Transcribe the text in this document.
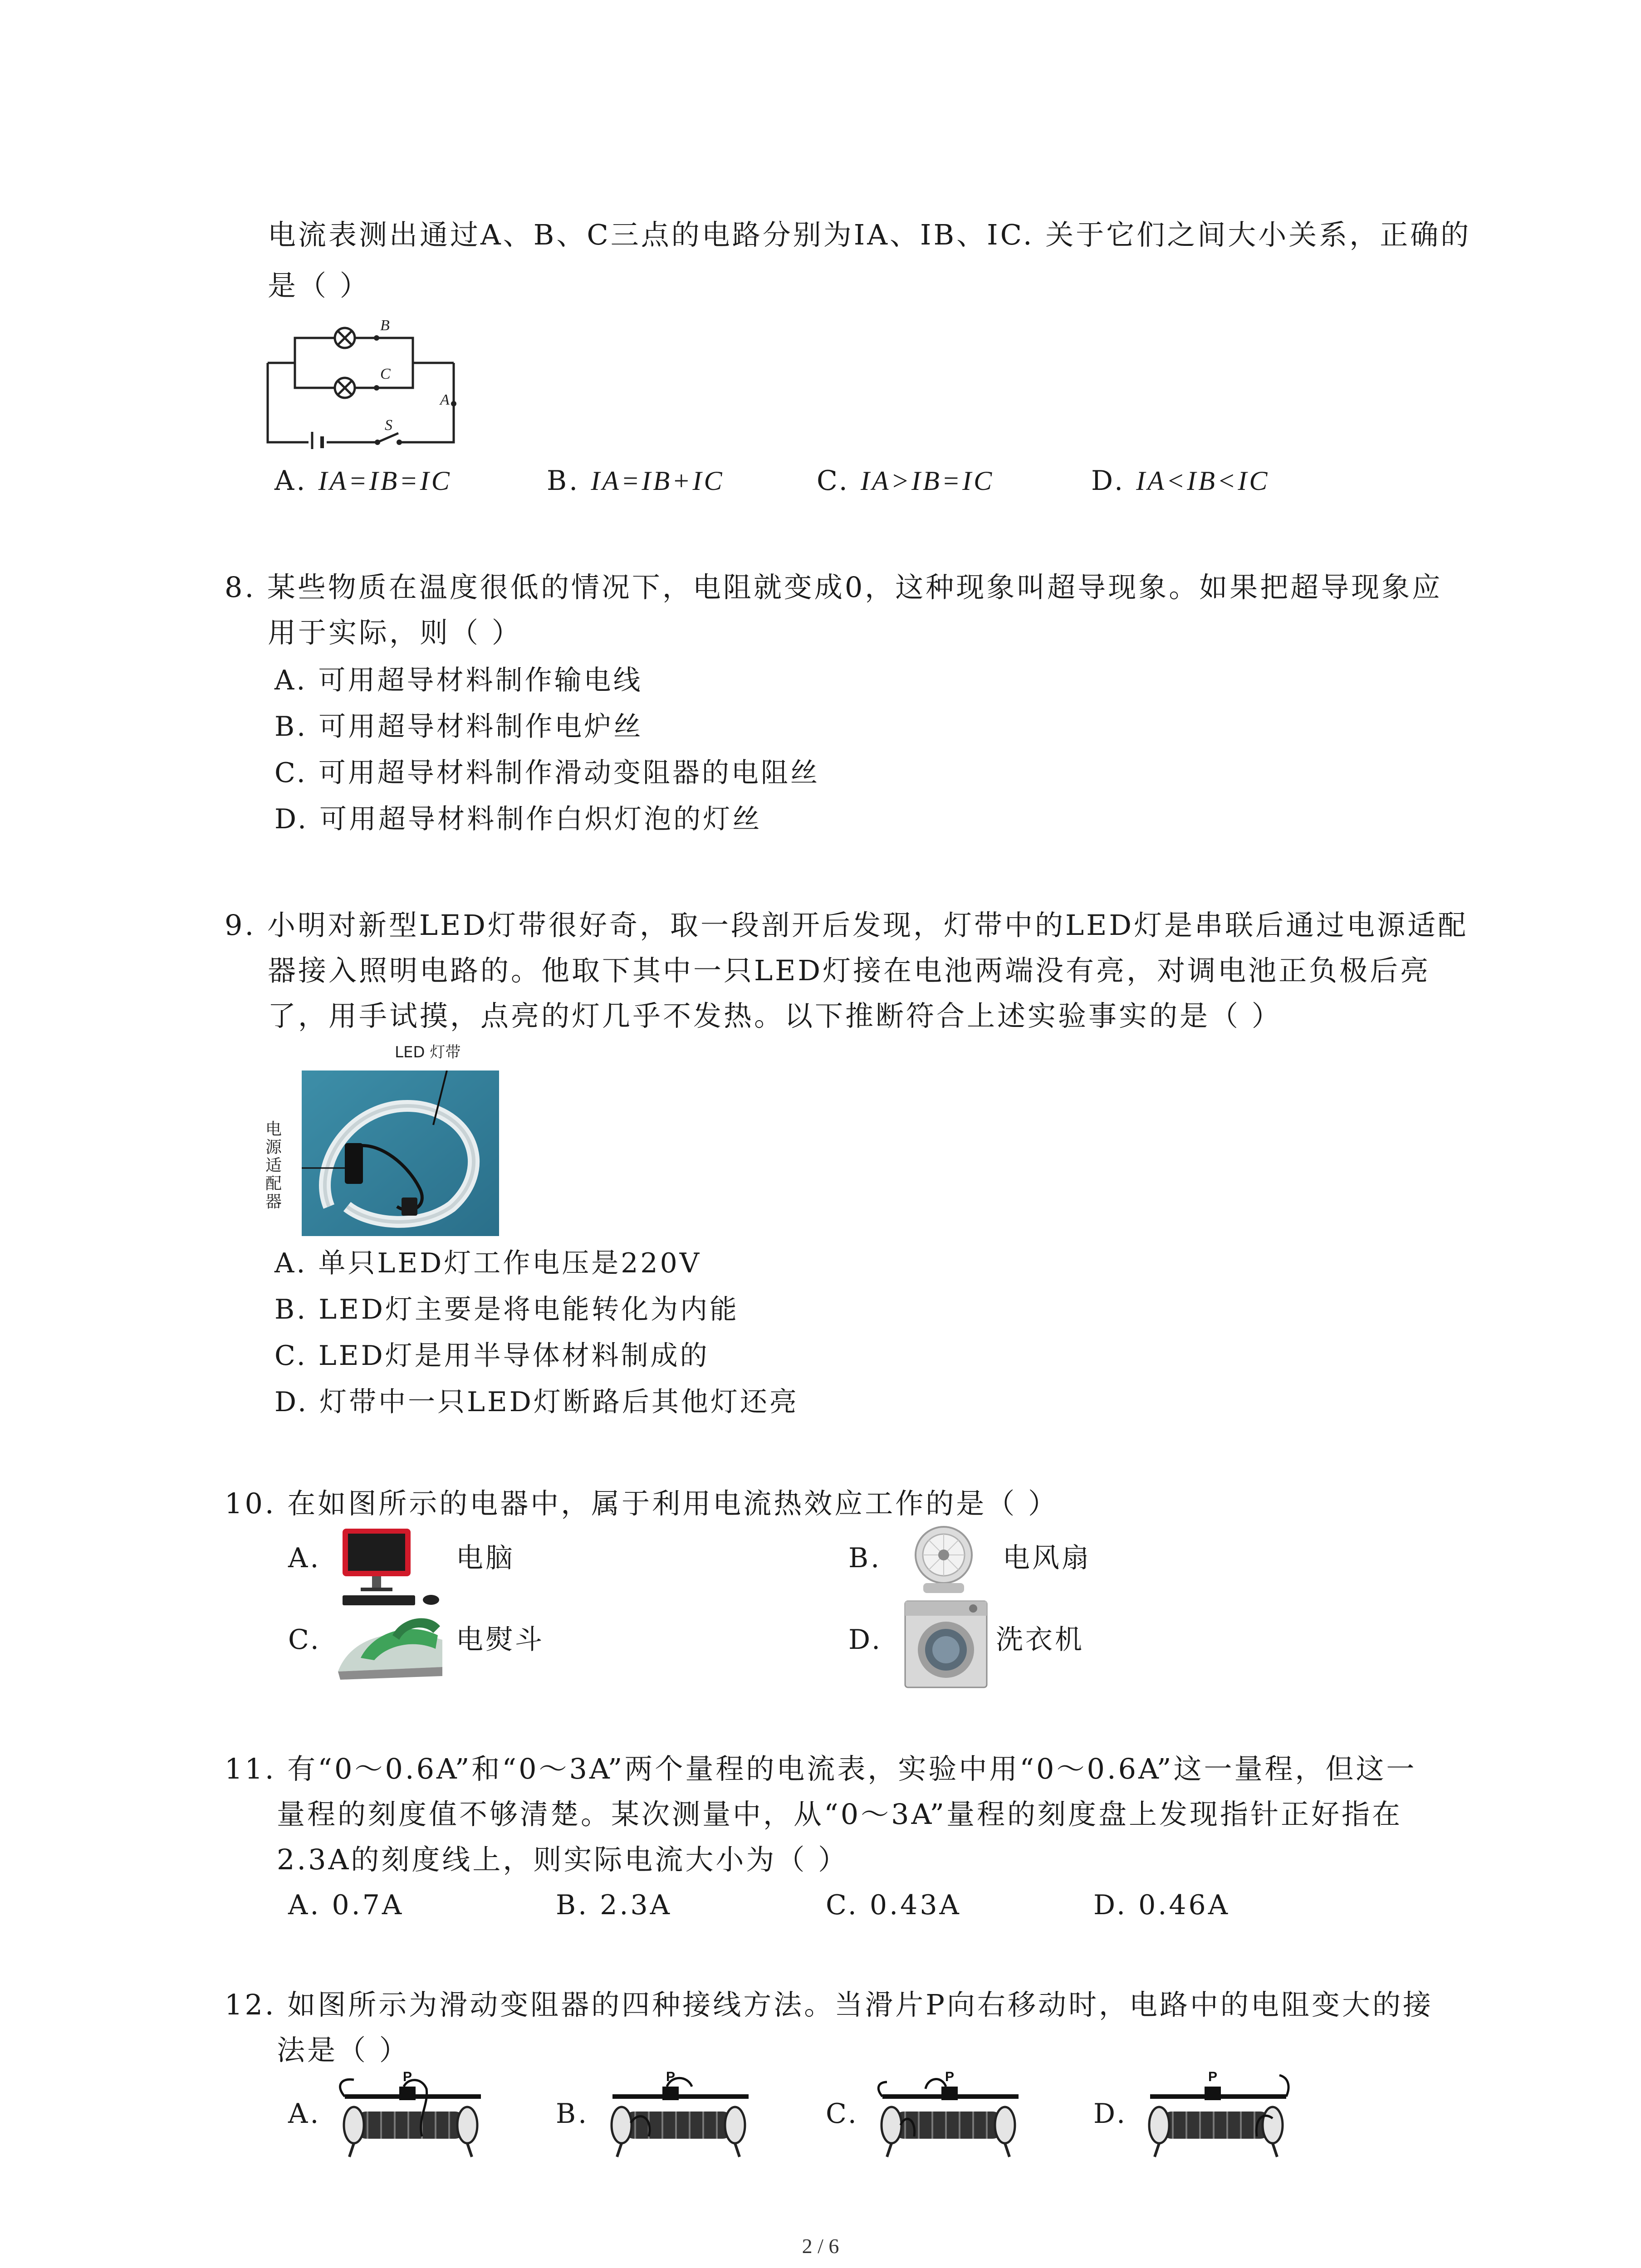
电流表测出通过A、B、C三点的电路分别为IA、IB、IC. 关于它们之间大小关系，正确的
是（ ）
B
C
A
S
A. IA=IB=IC	B. IA=IB+IC	C. IA>IB=IC	D. IA<IB<IC
8. 某些物质在温度很低的情况下，电阻就变成0，这种现象叫超导现象。如果把超导现象应
用于实际，则（ ）
A. 可用超导材料制作输电线
B. 可用超导材料制作电炉丝
C. 可用超导材料制作滑动变阻器的电阻丝
D. 可用超导材料制作白炽灯泡的灯丝
9. 小明对新型LED灯带很好奇，取一段剖开后发现，灯带中的LED灯是串联后通过电源适配
器接入照明电路的。他取下其中一只LED灯接在电池两端没有亮，对调电池正负极后亮
了，用手试摸，点亮的灯几乎不发热。以下推断符合上述实验事实的是（ ）
LED 灯带
电源适配器
A. 单只LED灯工作电压是220V
B. LED灯主要是将电能转化为内能
C. LED灯是用半导体材料制成的
D. 灯带中一只LED灯断路后其他灯还亮
10. 在如图所示的电器中，属于利用电流热效应工作的是（ ）
A.	电脑	B.	电风扇
C.	电熨斗	D.	洗衣机
11. 有“0～0.6A”和“0～3A”两个量程的电流表，实验中用“0～0.6A”这一量程，但这一
量程的刻度值不够清楚。某次测量中，从“0～3A”量程的刻度盘上发现指针正好指在
2.3A的刻度线上，则实际电流大小为（ ）
A. 0.7A	B. 2.3A	C. 0.43A	D. 0.46A
12. 如图所示为滑动变阻器的四种接线方法。当滑片P向右移动时，电路中的电阻变大的接
法是（ ）
A.	B.	C.	D.
P	P	P	P
2 / 6
